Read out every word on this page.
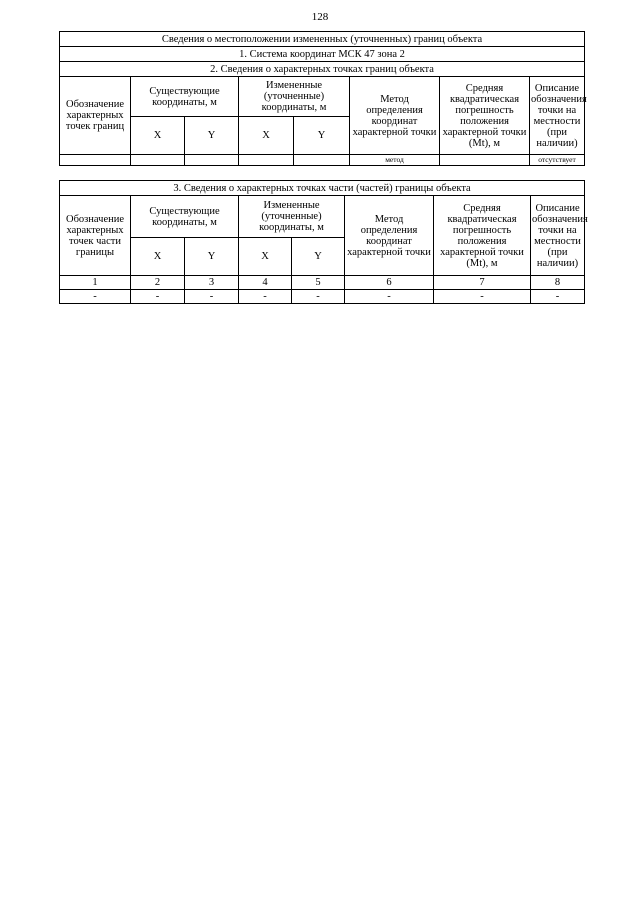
128
Сведения о местоположении измененных (уточненных) границ объекта							
1. Система координат МСК 47 зона 2							
2. Сведения о характерных точках границ объекта							
Обозначение характерных точек границ	Существующие координаты, м		Измененные (уточненные) координаты, м		Метод определения координат характерной точки	Средняя квадратическая погрешность положения характерной точки (Mt), м	Описание обозначения точки на местности (при наличии)
	X	Y	X	Y			
					метод		отсутствует
3. Сведения о характерных точках части (частей) границы объекта							
Обозначение характерных точек части границы	Существующие координаты, м		Измененные (уточненные) координаты, м		Метод определения координат характерной точки	Средняя квадратическая погрешность положения характерной точки (Mt), м	Описание обозначения точки на местности (при наличии)
	X	Y	X	Y			
1	2	3	4	5	6	7	8
-	-	-	-	-	-	-	-
